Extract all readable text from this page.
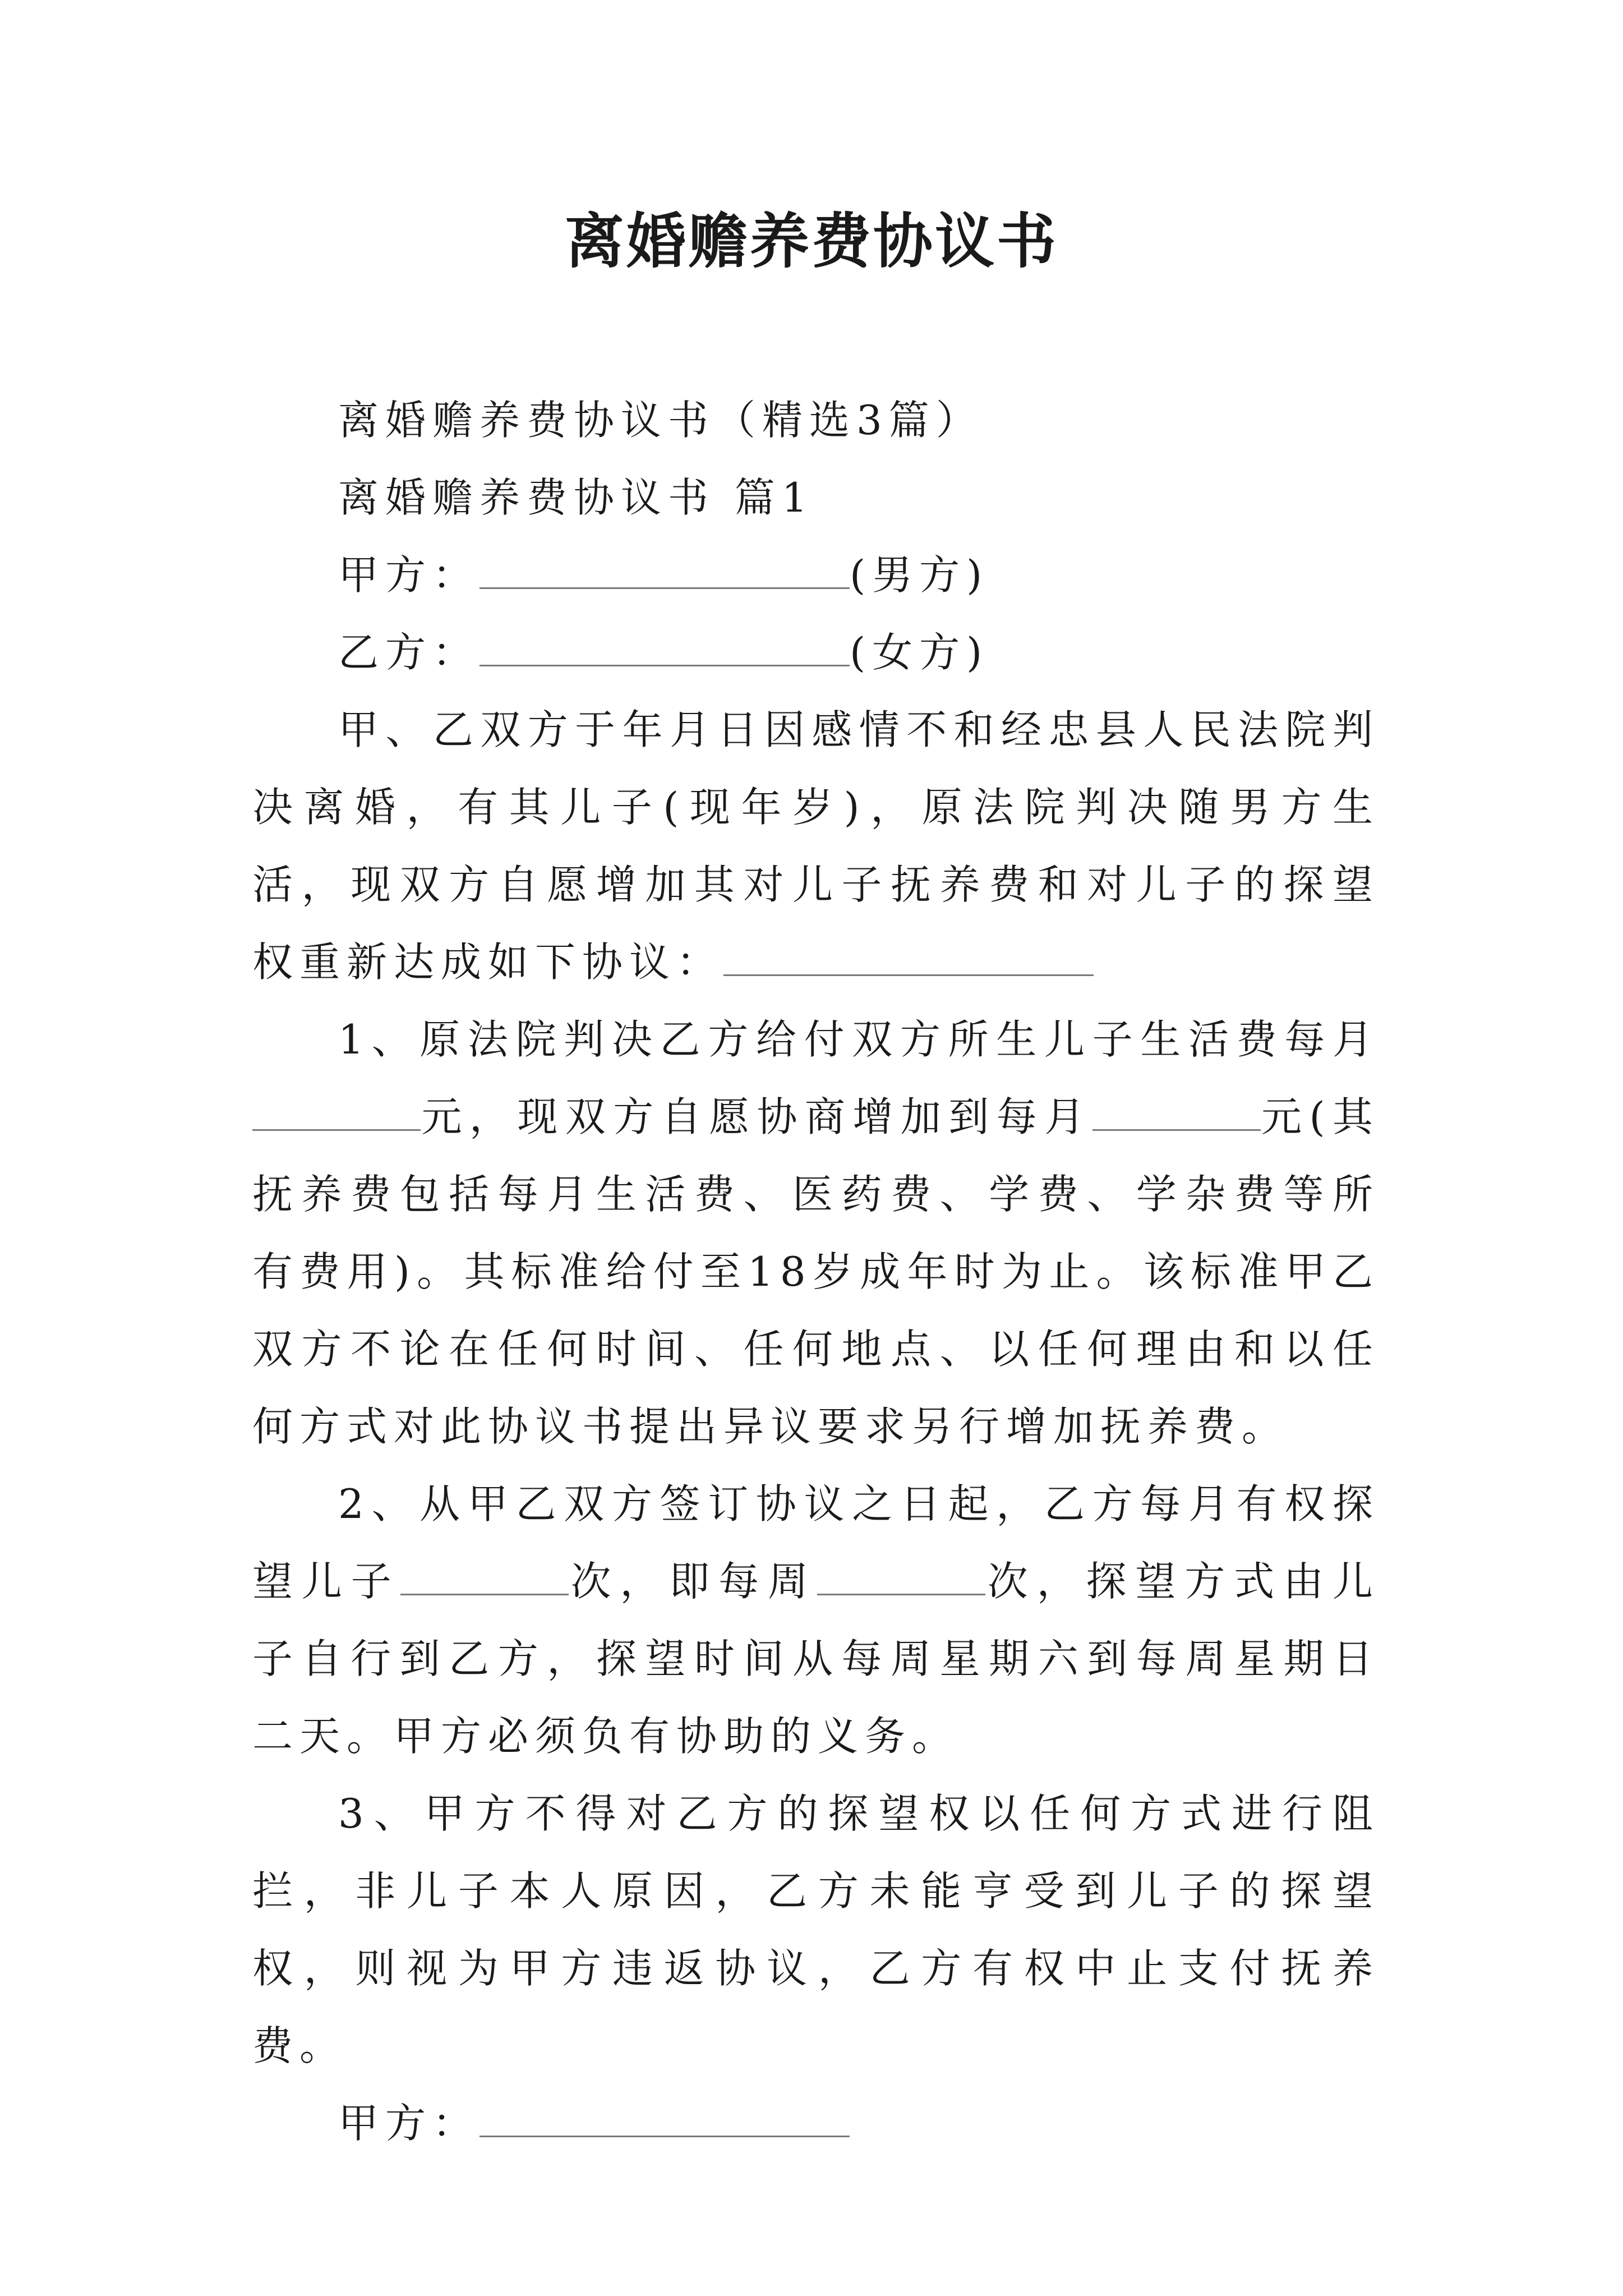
离婚赡养费协议书

离婚赡养费协议书（精选3篇）

离婚赡养费协议书 篇1

甲方：	(男方)

乙方：	(女方)

甲、乙双方于年月日因感情不和经忠县人民法院判决离婚，有其儿子(现年岁)，原法院判决随男方生活，现双方自愿增加其对儿子抚养费和对儿子的探望权重新达成如下协议：

1、原法院判决乙方给付双方所生儿子生活费每月元，现双方自愿协商增加到每月	元(其抚养费包括每月生活费、医药费、学费、学杂费等所有费用)。其标准给付至18岁成年时为止。该标准甲乙双方不论在任何时间、任何地点、以任何理由和以任何方式对此协议书提出异议要求另行增加抚养费。

2、从甲乙双方签订协议之日起，乙方每月有权探望儿子	次，即每周	次，探望方式由儿子自行到乙方，探望时间从每周星期六到每周星期日二天。甲方必须负有协助的义务。

3、甲方不得对乙方的探望权以任何方式进行阻拦，非儿子本人原因，乙方未能亨受到儿子的探望权，则视为甲方违返协议，乙方有权中止支付抚养费。

甲方：
